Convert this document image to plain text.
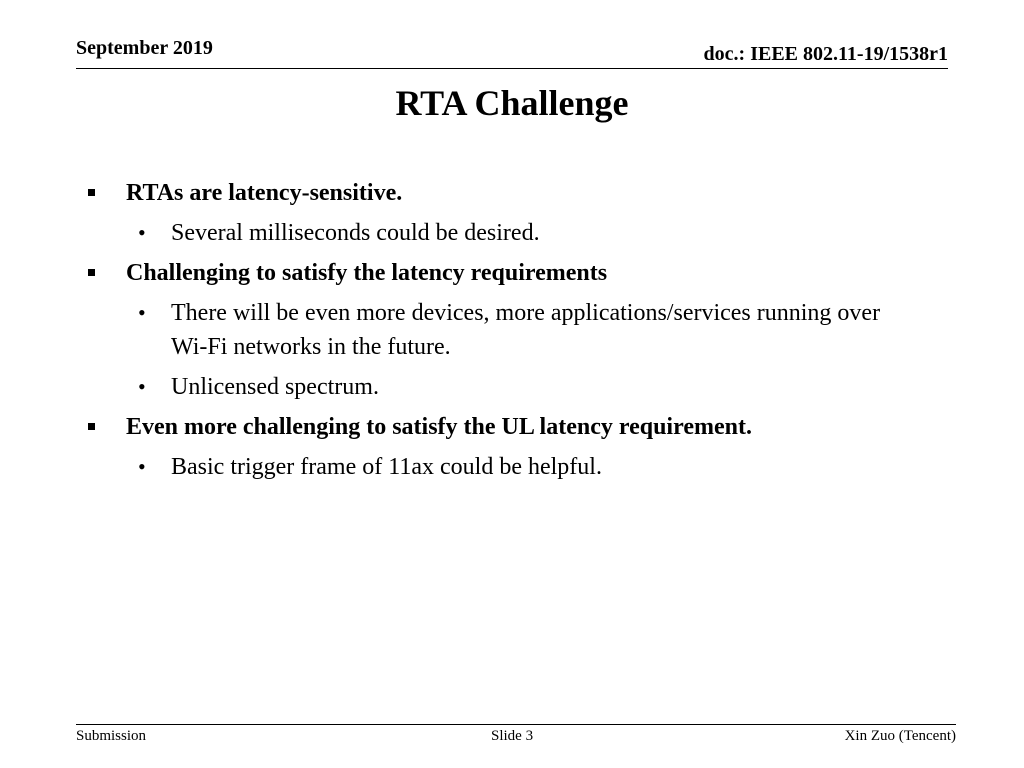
September 2019	doc.: IEEE 802.11-19/1538r1
RTA Challenge
RTAs are latency-sensitive.
• Several milliseconds could be desired.
Challenging to satisfy the latency requirements
• There will be even more devices, more applications/services running over Wi-Fi networks in the future.
• Unlicensed spectrum.
Even more challenging to satisfy the UL latency requirement.
• Basic trigger frame of 11ax could be helpful.
Submission	Slide 3	Xin Zuo (Tencent)
